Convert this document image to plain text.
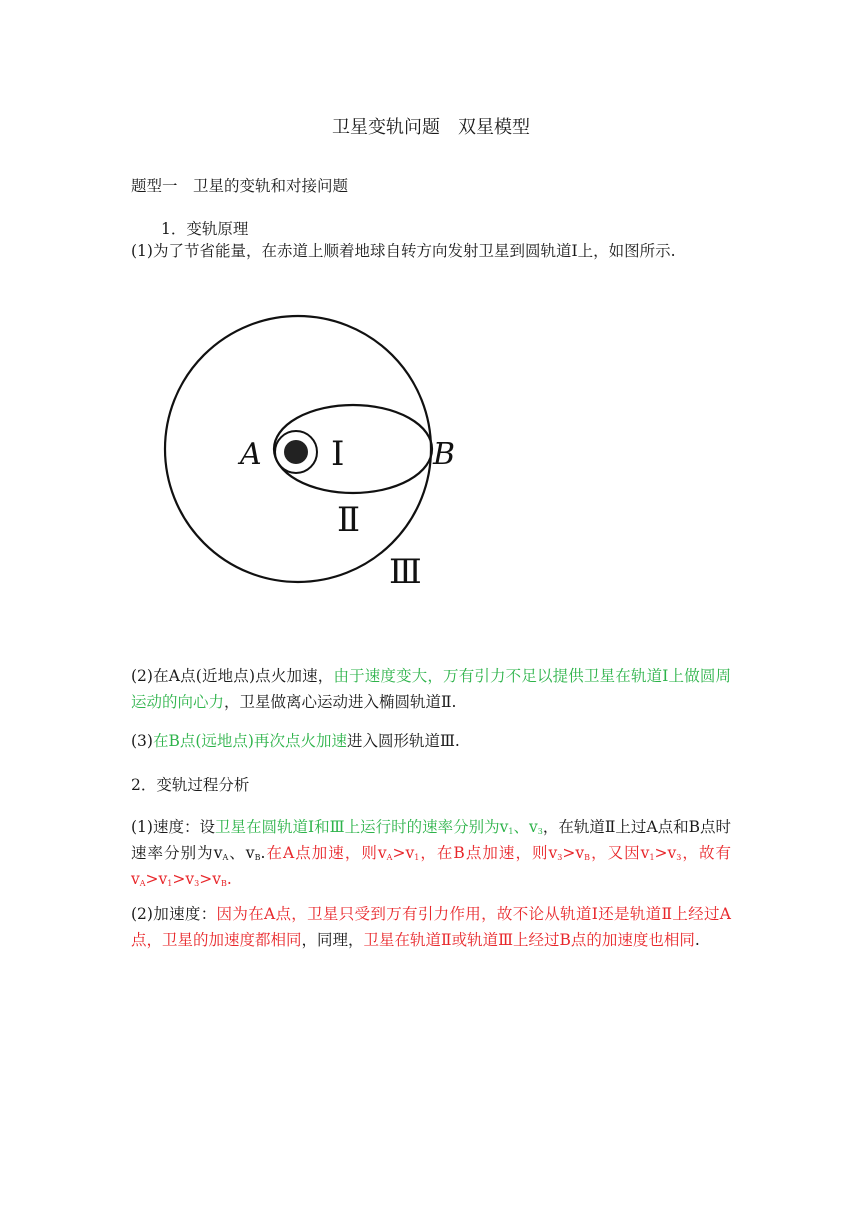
卫星变轨问题　双星模型
题型一　卫星的变轨和对接问题
1．变轨原理
(1)为了节省能量，在赤道上顺着地球自转方向发射卫星到圆轨道Ⅰ上，如图所示.
A Ⅰ	B
Ⅱ
Ⅲ
(2)在A点(近地点)点火加速，由于速度变大，万有引力不足以提供卫星在轨道Ⅰ上做圆周运动的向心力，卫星做离心运动进入椭圆轨道Ⅱ.
(3)在B点(远地点)再次点火加速进入圆形轨道Ⅲ.
2．变轨过程分析
(1)速度：设卫星在圆轨道Ⅰ和Ⅲ上运行时的速率分别为$v_1$、$v_3$，在轨道Ⅱ上过A点和B点时速率分别为$v_A$、$v_B$.在A点加速，则$v_A>v_1$，在B点加速，则$v_3>v_B$，又因$v_1>v_3$，故有$v_A>v_1>v_3>v_B$.
(2)加速度：因为在A点，卫星只受到万有引力作用，故不论从轨道Ⅰ还是轨道Ⅱ上经过A点，卫星的加速度都相同，同理，卫星在轨道Ⅱ或轨道Ⅲ上经过B点的加速度也相同.
